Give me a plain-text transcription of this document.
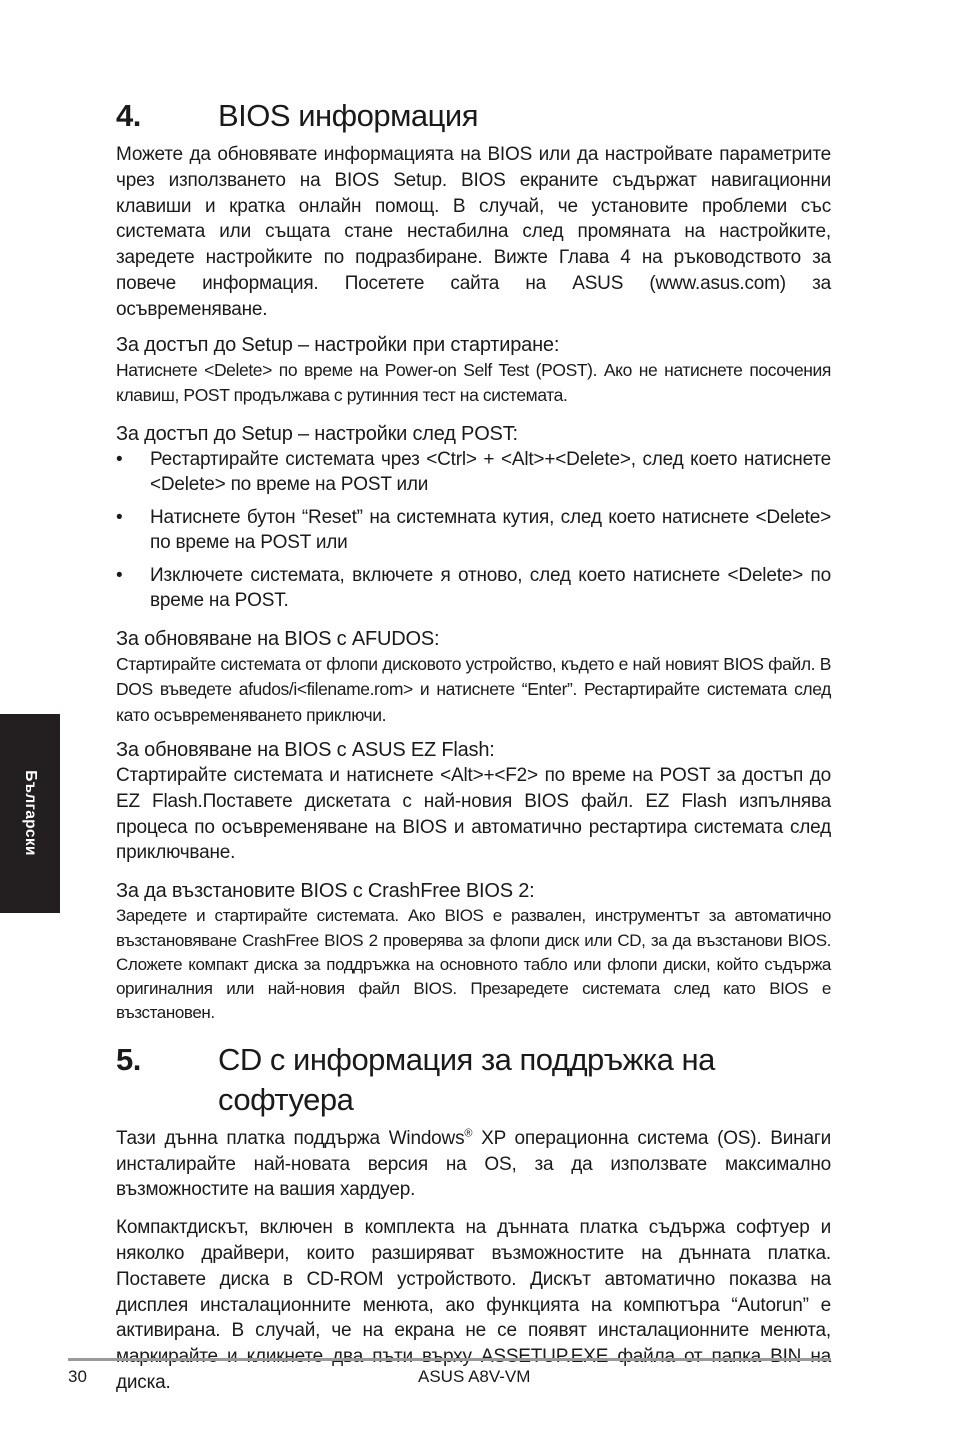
Български
4.	BIOS информация

Можете да обновявате информацията на BIOS или да настройвате параметрите чрез използването на BIOS Setup. BIOS екраните съдържат навигационни клавиши и кратка онлайн помощ. В случай, че установите проблеми със системата или същата стане нестабилна след промяната на настройките, заредете настройките по подразбиране. Вижте Глава 4 на ръководството за повече информация. Посетете сайта на ASUS (www.asus.com) за осъвременяване.

За достъп до Setup – настройки при стартиране:

Натиснете <Delete> по време на Power-on Self Test (POST). Ако не натиснете посочения клавиш, POST продължава с рутинния тест на системата.

За достъп до Setup – настройки след POST:
•	Рестартирайте системата чрез <Ctrl> + <Alt>+<Delete>, след което натиснете <Delete> по време на POST или
•	Натиснете бутон “Reset” на системната кутия, след което натиснете <Delete> по време на POST или
•	Изключете системата, включете я отново, след което натиснете <Delete> по време на POST.
За обновяване на BIOS с AFUDOS:

Стартирайте системата от флопи дисковото устройство, където е най новият BIOS файл. В DOS въведете afudos/i<filename.rom> и натиснете “Enter”. Рестартирайте системата след като осъвременяването приключи.

За обновяване на BIOS с ASUS EZ Flash:

Стартирайте системата и натиснете <Alt>+<F2> по време на POST за достъп до EZ Flash.Поставете дискетата с най-новия BIOS файл. EZ Flash изпълнява процеса по осъвременяване на BIOS и автоматично рестартира системата след приключване.

За да възстановите BIOS с CrashFree BIOS 2:

Заредете и стартирайте системата. Ако BIOS е развален, инструментът за автоматично възстановяване CrashFree BIOS 2 проверява за флопи диск или CD, за да възстанови BIOS. Сложете компакт диска за поддръжка на основното табло или флопи диски, който съдържа оригиналния или най-новия файл BIOS. Презаредете системата след като BIOS е възстановен.

5.	CD с информация за поддръжка на софтуера

Тази дънна платка поддържа Windows® XP операционна система (OS). Винаги инсталирайте най-новата версия на OS, за да използвате максимално възможностите на вашия хардуер.

Компактдискът, включен в комплекта на дънната платка съдържа софтуер и няколко драйвери, които разширяват възможностите на дънната платка. Поставете диска в CD-ROM устройството. Дискът автоматично показва на дисплея инсталационните менюта, ако функцията на компютъра “Autorun” е активирана. В случай, че на екрана не се появят инсталационните менюта, маркирайте и кликнете два пъти върху ASSETUP.EXE файла от папка BIN на диска.

30	ASUS A8V-VM
